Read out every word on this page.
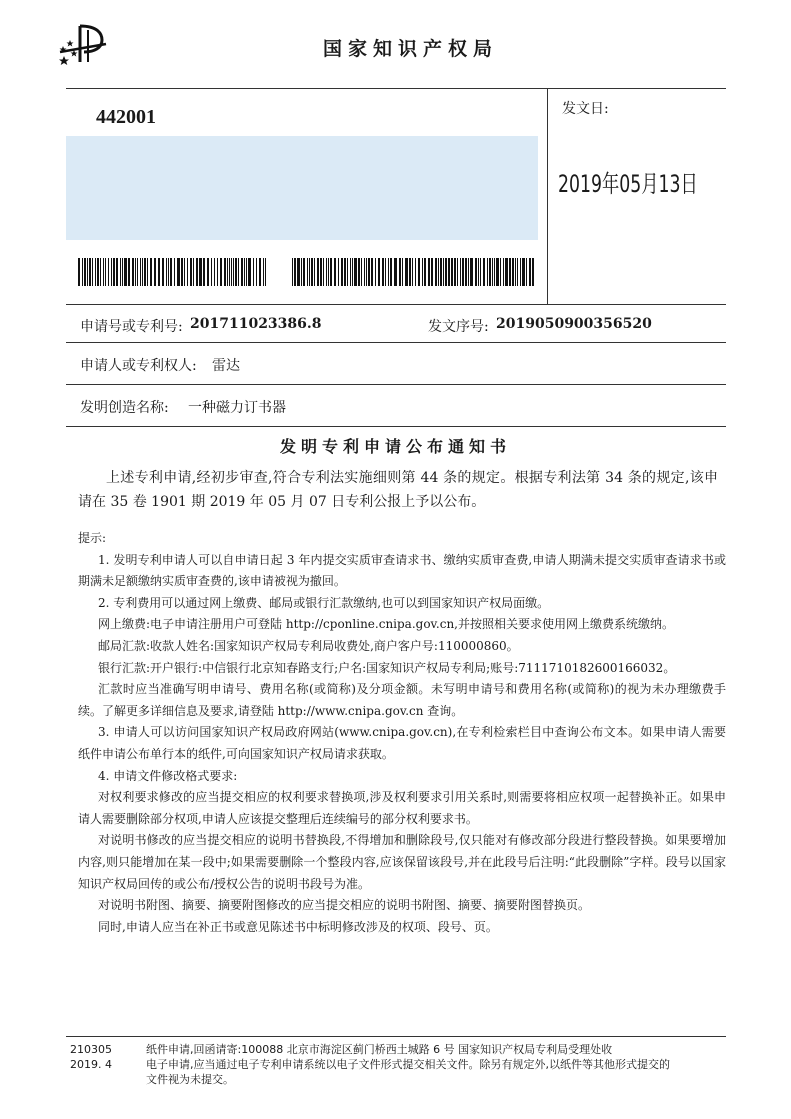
国家知识产权局
442001	发文日:
2019年05月13日
申请号或专利号: 201711023386.8	发文序号: 2019050900356520
申请人或专利权人: 雷达
发明创造名称: 一种磁力订书器
发明专利申请公布通知书
上述专利申请,经初步审查,符合专利法实施细则第 44 条的规定。根据专利法第 34 条的规定,该申请在 35 卷 1901 期 2019 年 05 月 07 日专利公报上予以公布。

提示:

1. 发明专利申请人可以自申请日起 3 年内提交实质审查请求书、缴纳实质审查费,申请人期满未提交实质审查请求书或期满未足额缴纳实质审查费的,该申请被视为撤回。

2. 专利费用可以通过网上缴费、邮局或银行汇款缴纳,也可以到国家知识产权局面缴。

网上缴费:电子申请注册用户可登陆 http://cponline.cnipa.gov.cn,并按照相关要求使用网上缴费系统缴纳。

邮局汇款:收款人姓名:国家知识产权局专利局收费处,商户客户号:110000860。

银行汇款:开户银行:中信银行北京知春路支行;户名:国家知识产权局专利局;账号:7111710182600166032。

汇款时应当准确写明申请号、费用名称(或简称)及分项金额。未写明申请号和费用名称(或简称)的视为未办理缴费手续。了解更多详细信息及要求,请登陆 http://www.cnipa.gov.cn 查询。

3. 申请人可以访问国家知识产权局政府网站(www.cnipa.gov.cn),在专利检索栏目中查询公布文本。如果申请人需要纸件申请公布单行本的纸件,可向国家知识产权局请求获取。

4. 申请文件修改格式要求:

对权利要求修改的应当提交相应的权利要求替换项,涉及权利要求引用关系时,则需要将相应权项一起替换补正。如果申请人需要删除部分权项,申请人应该提交整理后连续编号的部分权利要求书。

对说明书修改的应当提交相应的说明书替换段,不得增加和删除段号,仅只能对有修改部分段进行整段替换。如果要增加内容,则只能增加在某一段中;如果需要删除一个整段内容,应该保留该段号,并在此段号后注明:“此段删除”字样。段号以国家知识产权局回传的或公布/授权公告的说明书段号为准。

对说明书附图、摘要、摘要附图修改的应当提交相应的说明书附图、摘要、摘要附图替换页。

同时,申请人应当在补正书或意见陈述书中标明修改涉及的权项、段号、页。

210305
2019. 4
纸件申请,回函请寄:100088 北京市海淀区蓟门桥西土城路 6 号 国家知识产权局专利局受理处收
电子申请,应当通过电子专利申请系统以电子文件形式提交相关文件。除另有规定外,以纸件等其他形式提交的
文件视为未提交。
